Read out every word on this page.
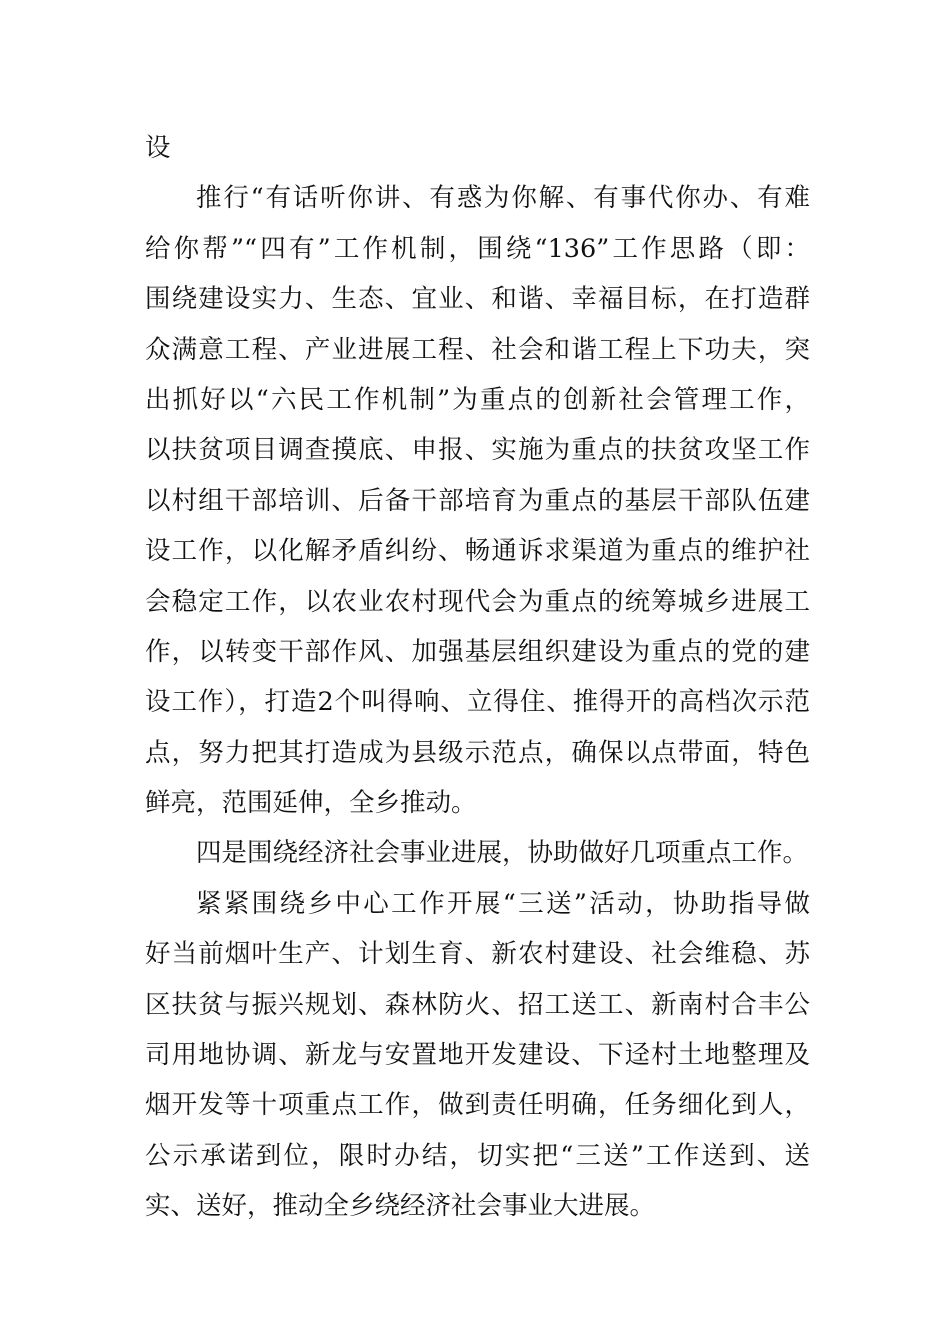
设
推行“有话听你讲、有惑为你解、有事代你办、有难
给你帮”“四有”工作机制，围绕“136”工作思路（即：
围绕建设实力、生态、宜业、和谐、幸福目标，在打造群
众满意工程、产业进展工程、社会和谐工程上下功夫，突
出抓好以“六民工作机制”为重点的创新社会管理工作，
以扶贫项目调查摸底、申报、实施为重点的扶贫攻坚工作
以村组干部培训、后备干部培育为重点的基层干部队伍建
设工作，以化解矛盾纠纷、畅通诉求渠道为重点的维护社
会稳定工作，以农业农村现代会为重点的统筹城乡进展工
作，以转变干部作风、加强基层组织建设为重点的党的建
设工作），打造2个叫得响、立得住、推得开的高档次示范
点，努力把其打造成为县级示范点，确保以点带面，特色
鲜亮，范围延伸，全乡推动。
四是围绕经济社会事业进展，协助做好几项重点工作。
紧紧围绕乡中心工作开展“三送”活动，协助指导做
好当前烟叶生产、计划生育、新农村建设、社会维稳、苏
区扶贫与振兴规划、森林防火、招工送工、新南村合丰公
司用地协调、新龙与安置地开发建设、下迳村土地整理及
烟开发等十项重点工作，做到责任明确，任务细化到人，
公示承诺到位，限时办结，切实把“三送”工作送到、送
实、送好，推动全乡绕经济社会事业大进展。
